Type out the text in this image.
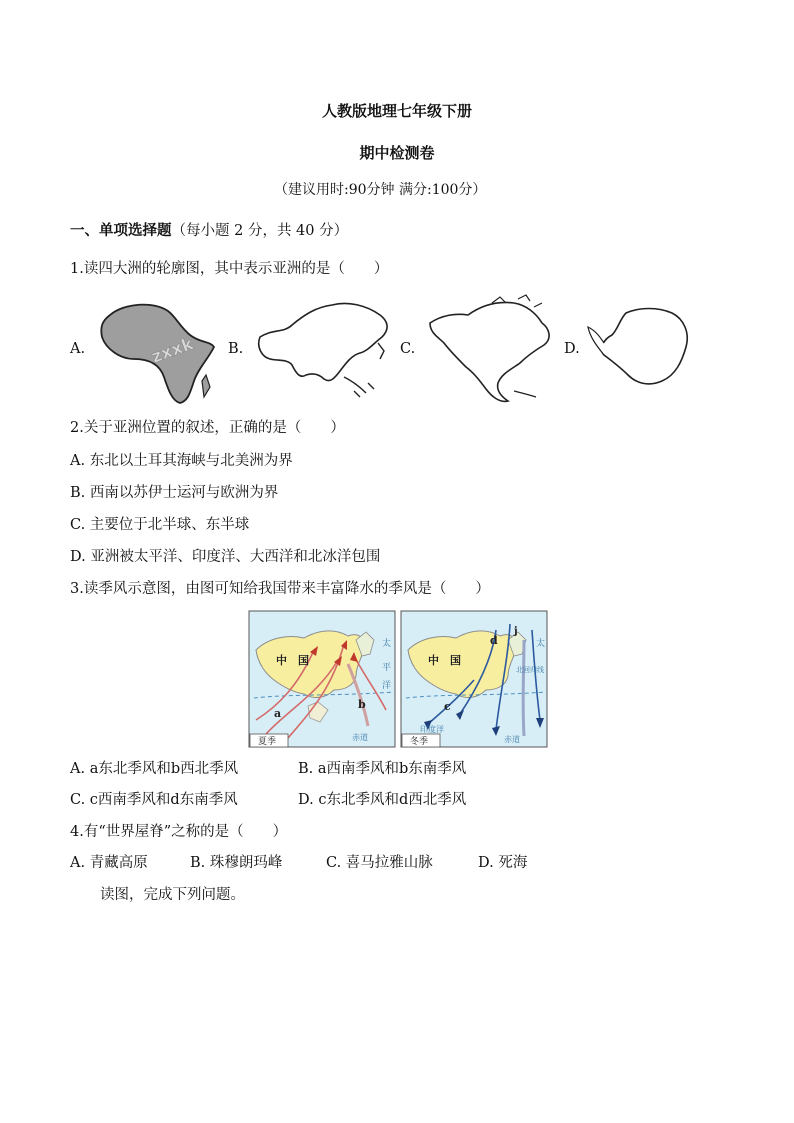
人教版地理七年级下册
期中检测卷
（建议用时:90分钟 满分:100分）
一、单项选择题（每小题 2 分，共 40 分）
1.读四大洲的轮廓图，其中表示亚洲的是（　　）
A.	zxxk B.	C.	D.
2.关于亚洲位置的叙述，正确的是（　　）
A. 东北以土耳其海峡与北美洲为界
B. 西南以苏伊士运河与欧洲为界
C. 主要位于北半球、东半球
D. 亚洲被太平洋、印度洋、大西洋和北冰洋包围
3.读季风示意图，由图可知给我国带来丰富降水的季风是（　　）
中　国
a
b
太
平
洋
赤道
夏季
中　国
d
j
c
北回归线
太
印度洋
赤道
冬季
A. a东北季风和b西北季风	B. a西南季风和b东南季风
C. c西南季风和d东南季风	D. c东北季风和d西北季风
4.有“世界屋脊”之称的是（　　）
A. 青藏高原	B. 珠穆朗玛峰	C. 喜马拉雅山脉	D. 死海
读图，完成下列问题。
